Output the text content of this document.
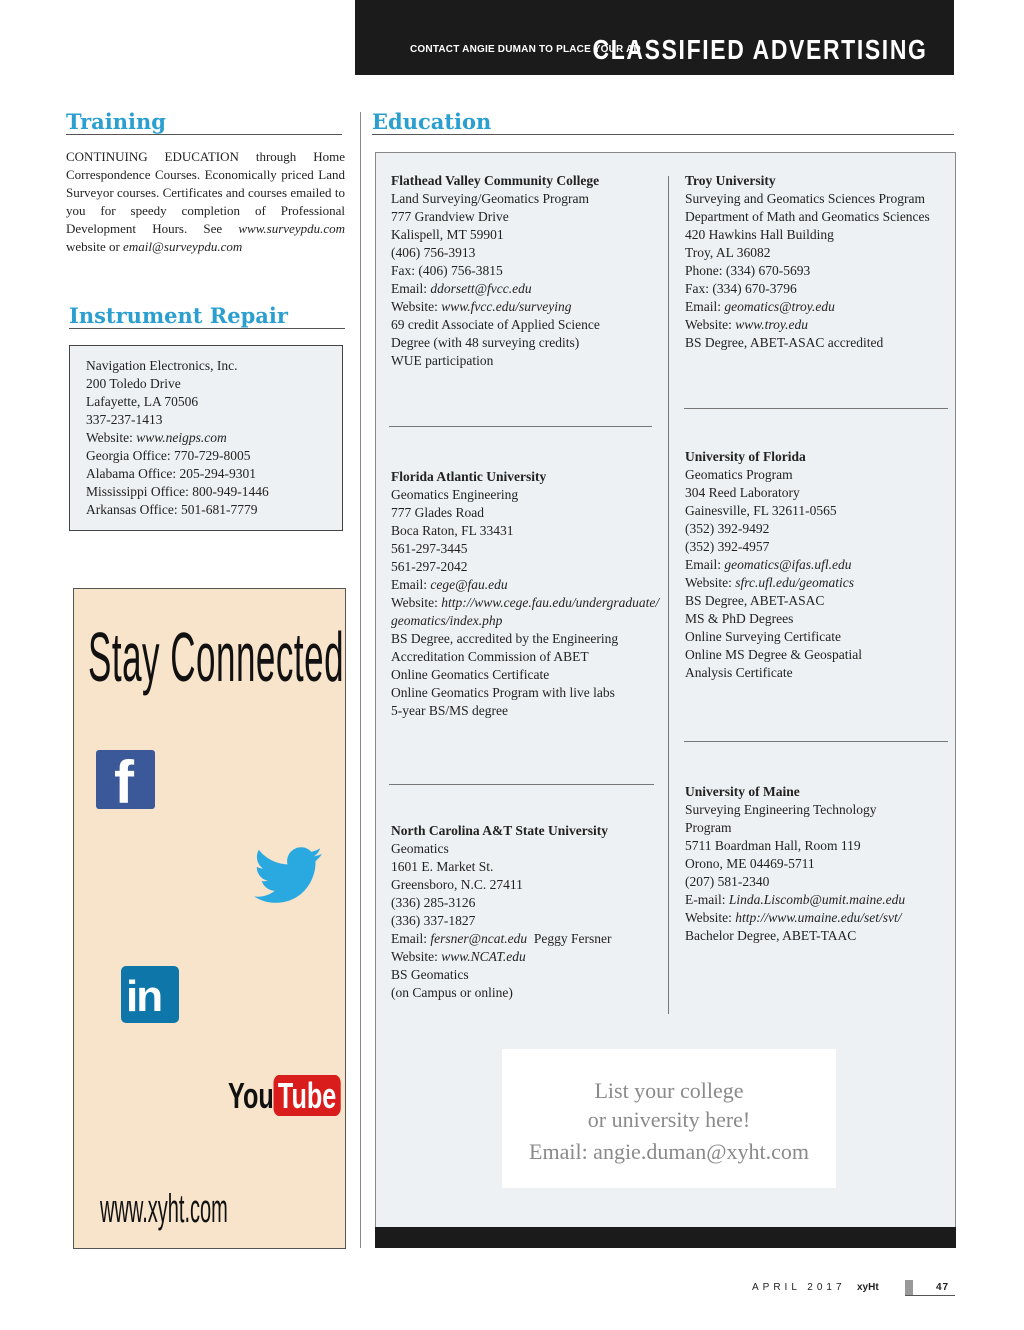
CONTACT ANGIE DUMAN TO PLACE YOUR AD
CLASSIFIED ADVERTISING
Training
CONTINUING EDUCATION through Home Correspondence Courses. Economically priced Land Surveyor courses. Certificates and courses emailed to you for speedy completion of Professional Development Hours. See www.surveypdu.com website or email@surveypdu.com
Instrument Repair
Navigation Electronics, Inc.
200 Toledo Drive
Lafayette, LA 70506
337-237-1413
Website: www.neigps.com
Georgia Office: 770-729-8005
Alabama Office: 205-294-9301
Mississippi Office: 800-949-1446
Arkansas Office: 501-681-7779
Stay Connected
f
in
You Tube
www.xyht.com
Education
Flathead Valley Community College
Land Surveying/Geomatics Program
777 Grandview Drive
Kalispell, MT 59901
(406) 756-3913
Fax: (406) 756-3815
Email: ddorsett@fvcc.edu
Website: www.fvcc.edu/surveying
69 credit Associate of Applied Science
Degree (with 48 surveying credits)
WUE participation
Florida Atlantic University
Geomatics Engineering
777 Glades Road
Boca Raton, FL 33431
561-297-3445
561-297-2042
Email: cege@fau.edu
Website: http://www.cege.fau.edu/undergraduate/
geomatics/index.php
BS Degree, accredited by the Engineering
Accreditation Commission of ABET
Online Geomatics Certificate
Online Geomatics Program with live labs
5-year BS/MS degree
North Carolina A&T State University
Geomatics
1601 E. Market St.
Greensboro, N.C. 27411
(336) 285-3126
(336) 337-1827
Email: fersner@ncat.edu  Peggy Fersner
Website: www.NCAT.edu
BS Geomatics
(on Campus or online)
Troy University
Surveying and Geomatics Sciences Program
Department of Math and Geomatics Sciences
420 Hawkins Hall Building
Troy, AL 36082
Phone: (334) 670-5693
Fax: (334) 670-3796
Email: geomatics@troy.edu
Website: www.troy.edu
BS Degree, ABET-ASAC accredited
University of Florida
Geomatics Program
304 Reed Laboratory
Gainesville, FL 32611-0565
(352) 392-9492
(352) 392-4957
Email: geomatics@ifas.ufl.edu
Website: sfrc.ufl.edu/geomatics
BS Degree, ABET-ASAC
MS & PhD Degrees
Online Surveying Certificate
Online MS Degree & Geospatial
Analysis Certificate
University of Maine
Surveying Engineering Technology
Program
5711 Boardman Hall, Room 119
Orono, ME 04469-5711
(207) 581-2340
E-mail: Linda.Liscomb@umit.maine.edu
Website: http://www.umaine.edu/set/svt/
Bachelor Degree, ABET-TAAC
List your college
or university here!
Email: angie.duman@xyht.com
APRIL 2017 xyHt	47
